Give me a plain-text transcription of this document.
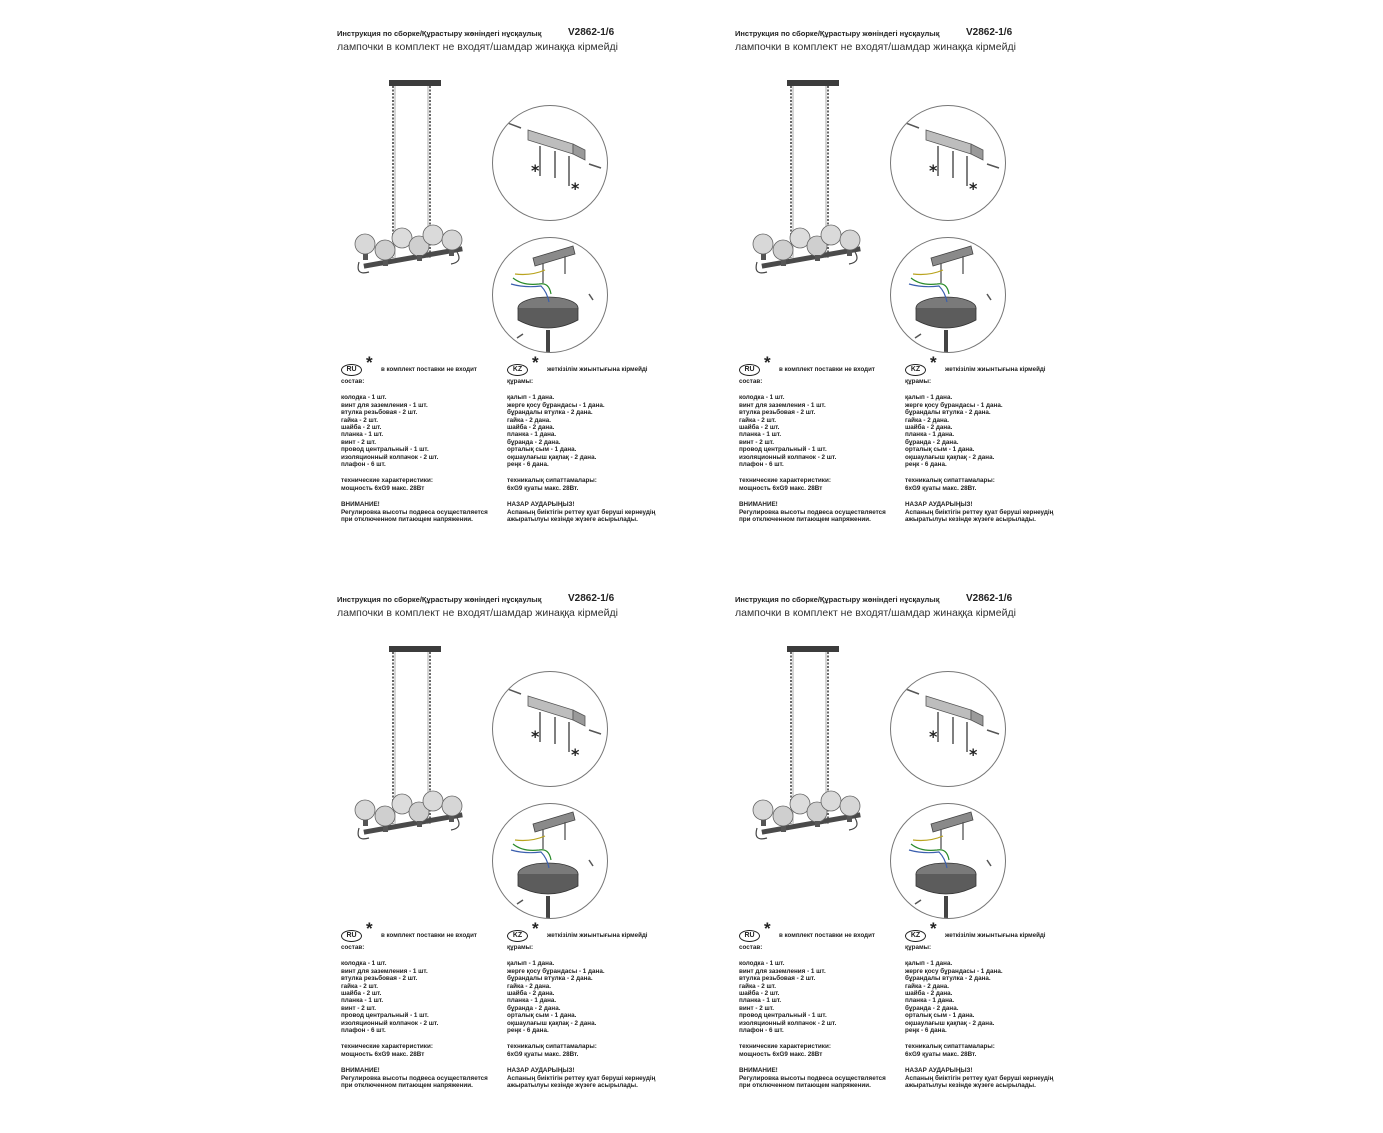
Инструкция по сборке/Құрастыру жөніндегі нұсқаулық	V2862-1/6
лампочки в комплект не входят/шамдар жинаққа кірмейді
*
*
RU * в комплект поставки не входит
состав:
колодка - 1 шт.
винт для заземления - 1 шт.
втулка резьбовая - 2 шт.
гайка - 2 шт.
шайба - 2 шт.
планка - 1 шт.
винт - 2 шт.
провод центральный - 1 шт.
изоляционный колпачок - 2 шт.
плафон - 6 шт.
технические характеристики:
мощность 6xG9 макс. 28Вт
ВНИМАНИЕ!
Регулировка высоты подвеса осуществляется
при отключенном питающем напряжении.
KZ * жеткізілім жиынтығына кірмейді
құрамы:
қалып - 1 дана.
жерге қосу бұрандасы - 1 дана.
бұрандалы втулка - 2 дана.
гайка - 2 дана.
шайба - 2 дана.
планка - 1 дана.
бұранда - 2 дана.
орталық сым - 1 дана.
оқшаулағыш қақпақ - 2 дана.
реңк - 6 дана.
техникалық сипаттамалары:
6xG9 қуаты макс. 28Вт.
НАЗАР АУДАРЫҢЫЗ!
Аспаның биіктігін реттеу қуат беруші кернеудің
ажыратылуы кезінде жүзеге асырылады.
Инструкция по сборке/Құрастыру жөніндегі нұсқаулық	V2862-1/6
лампочки в комплект не входят/шамдар жинаққа кірмейді
*
*
RU * в комплект поставки не входит
состав:
колодка - 1 шт.
винт для заземления - 1 шт.
втулка резьбовая - 2 шт.
гайка - 2 шт.
шайба - 2 шт.
планка - 1 шт.
винт - 2 шт.
провод центральный - 1 шт.
изоляционный колпачок - 2 шт.
плафон - 6 шт.
технические характеристики:
мощность 6xG9 макс. 28Вт
ВНИМАНИЕ!
Регулировка высоты подвеса осуществляется
при отключенном питающем напряжении.
KZ * жеткізілім жиынтығына кірмейді
құрамы:
қалып - 1 дана.
жерге қосу бұрандасы - 1 дана.
бұрандалы втулка - 2 дана.
гайка - 2 дана.
шайба - 2 дана.
планка - 1 дана.
бұранда - 2 дана.
орталық сым - 1 дана.
оқшаулағыш қақпақ - 2 дана.
реңк - 6 дана.
техникалық сипаттамалары:
6xG9 қуаты макс. 28Вт.
НАЗАР АУДАРЫҢЫЗ!
Аспаның биіктігін реттеу қуат беруші кернеудің
ажыратылуы кезінде жүзеге асырылады.
Инструкция по сборке/Құрастыру жөніндегі нұсқаулық	V2862-1/6
лампочки в комплект не входят/шамдар жинаққа кірмейді
*
*
RU * в комплект поставки не входит
состав:
колодка - 1 шт.
винт для заземления - 1 шт.
втулка резьбовая - 2 шт.
гайка - 2 шт.
шайба - 2 шт.
планка - 1 шт.
винт - 2 шт.
провод центральный - 1 шт.
изоляционный колпачок - 2 шт.
плафон - 6 шт.
технические характеристики:
мощность 6xG9 макс. 28Вт
ВНИМАНИЕ!
Регулировка высоты подвеса осуществляется
при отключенном питающем напряжении.
KZ * жеткізілім жиынтығына кірмейді
құрамы:
қалып - 1 дана.
жерге қосу бұрандасы - 1 дана.
бұрандалы втулка - 2 дана.
гайка - 2 дана.
шайба - 2 дана.
планка - 1 дана.
бұранда - 2 дана.
орталық сым - 1 дана.
оқшаулағыш қақпақ - 2 дана.
реңк - 6 дана.
техникалық сипаттамалары:
6xG9 қуаты макс. 28Вт.
НАЗАР АУДАРЫҢЫЗ!
Аспаның биіктігін реттеу қуат беруші кернеудің
ажыратылуы кезінде жүзеге асырылады.
Инструкция по сборке/Құрастыру жөніндегі нұсқаулық	V2862-1/6
лампочки в комплект не входят/шамдар жинаққа кірмейді
*
*
RU * в комплект поставки не входит
состав:
колодка - 1 шт.
винт для заземления - 1 шт.
втулка резьбовая - 2 шт.
гайка - 2 шт.
шайба - 2 шт.
планка - 1 шт.
винт - 2 шт.
провод центральный - 1 шт.
изоляционный колпачок - 2 шт.
плафон - 6 шт.
технические характеристики:
мощность 6xG9 макс. 28Вт
ВНИМАНИЕ!
Регулировка высоты подвеса осуществляется
при отключенном питающем напряжении.
KZ * жеткізілім жиынтығына кірмейді
құрамы:
қалып - 1 дана.
жерге қосу бұрандасы - 1 дана.
бұрандалы втулка - 2 дана.
гайка - 2 дана.
шайба - 2 дана.
планка - 1 дана.
бұранда - 2 дана.
орталық сым - 1 дана.
оқшаулағыш қақпақ - 2 дана.
реңк - 6 дана.
техникалық сипаттамалары:
6xG9 қуаты макс. 28Вт.
НАЗАР АУДАРЫҢЫЗ!
Аспаның биіктігін реттеу қуат беруші кернеудің
ажыратылуы кезінде жүзеге асырылады.
